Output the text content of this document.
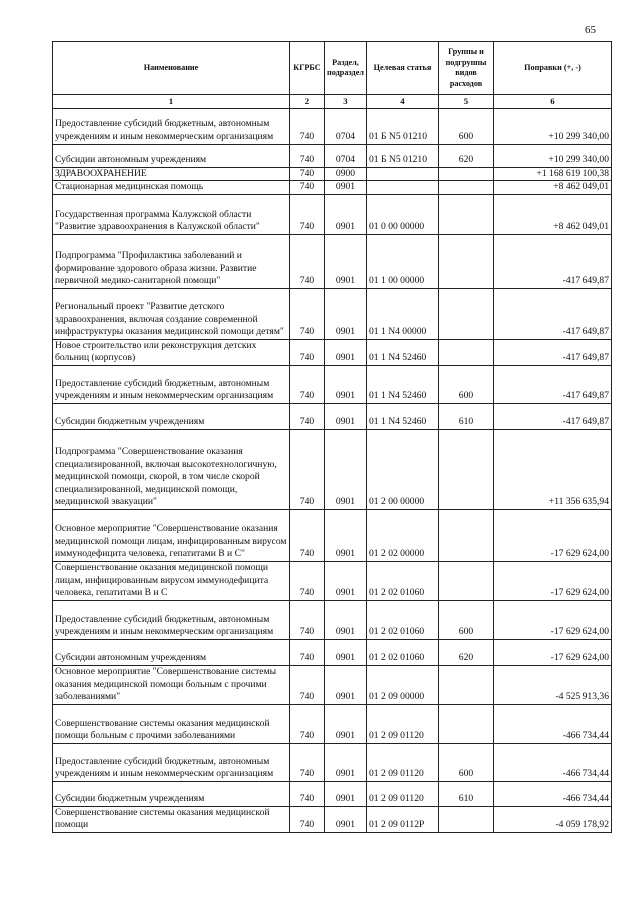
65
Наименование	КГРБС	Раздел, подраздел	Целевая статья	Группы и подгруппы видов расходов	Поправки (+, -)
1	2	3	4	5	6
Предоставление субсидий бюджетным, автономным учреждениям и иным некоммерческим организациям	740	0704	01 Б N5 01210	600	+10 299 340,00
Субсидии автономным учреждениям	740	0704	01 Б N5 01210	620	+10 299 340,00
ЗДРАВООХРАНЕНИЕ	740	0900			+1 168 619 100,38
Стационарная медицинская помощь	740	0901			+8 462 049,01
Государственная программа Калужской области "Развитие здравоохранения в Калужской области"	740	0901	01 0 00 00000		+8 462 049,01
Подпрограмма "Профилактика заболеваний и формирование здорового образа жизни. Развитие первичной медико-санитарной помощи"	740	0901	01 1 00 00000		-417 649,87
Региональный проект "Развитие детского здравоохранения, включая создание современной инфраструктуры оказания медицинской помощи детям"	740	0901	01 1 N4 00000		-417 649,87
Новое строительство или реконструкция детских больниц (корпусов)	740	0901	01 1 N4 52460		-417 649,87
Предоставление субсидий бюджетным, автономным учреждениям и иным некоммерческим организациям	740	0901	01 1 N4 52460	600	-417 649,87
Субсидии бюджетным учреждениям	740	0901	01 1 N4 52460	610	-417 649,87
Подпрограмма "Совершенствование оказания специализированной, включая высокотехнологичную, медицинской помощи, скорой, в том числе скорой специализированной, медицинской помощи, медицинской эвакуации"	740	0901	01 2 00 00000		+11 356 635,94
Основное мероприятие "Совершенствование оказания медицинской помощи лицам, инфицированным вирусом иммунодефицита человека, гепатитами В и С"	740	0901	01 2 02 00000		-17 629 624,00
Совершенствование оказания медицинской помощи лицам, инфицированным вирусом иммунодефицита человека, гепатитами В и С	740	0901	01 2 02 01060		-17 629 624,00
Предоставление субсидий бюджетным, автономным учреждениям и иным некоммерческим организациям	740	0901	01 2 02 01060	600	-17 629 624,00
Субсидии автономным учреждениям	740	0901	01 2 02 01060	620	-17 629 624,00
Основное мероприятие "Совершенствование системы оказания медицинской помощи больным с прочими заболеваниями"	740	0901	01 2 09 00000		-4 525 913,36
Совершенствование системы оказания медицинской помощи больным с прочими заболеваниями	740	0901	01 2 09 01120		-466 734,44
Предоставление субсидий бюджетным, автономным учреждениям и иным некоммерческим организациям	740	0901	01 2 09 01120	600	-466 734,44
Субсидии бюджетным учреждениям	740	0901	01 2 09 01120	610	-466 734,44
Совершенствование системы оказания медицинской помощи	740	0901	01 2 09 0112Р		-4 059 178,92
